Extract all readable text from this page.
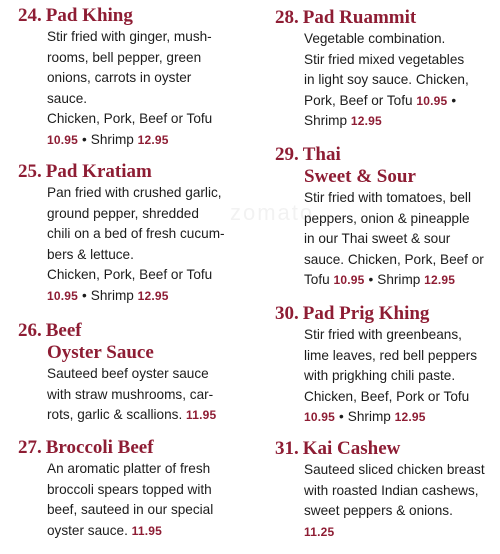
zomato
24. Pad Khing
Stir fried with ginger, mush-
rooms, bell pepper, green
onions, carrots in oyster
sauce.
Chicken, Pork, Beef or Tofu
10.95 • Shrimp 12.95
25. Pad Kratiam
Pan fried with crushed garlic,
ground pepper, shredded
chili on a bed of fresh cucum-
bers & lettuce.
Chicken, Pork, Beef or Tofu
10.95 • Shrimp 12.95
26. Beef
Oyster Sauce
Sauteed beef oyster sauce
with straw mushrooms, car-
rots, garlic & scallions. 11.95
27. Broccoli Beef
An aromatic platter of fresh
broccoli spears topped with
beef, sauteed in our special
oyster sauce. 11.95
28. Pad Ruammit
Vegetable combination.
Stir fried mixed vegetables
in light soy sauce. Chicken,
Pork, Beef or Tofu 10.95 •
Shrimp 12.95
29. Thai
Sweet & Sour
Stir fried with tomatoes, bell
peppers, onion & pineapple
in our Thai sweet & sour
sauce. Chicken, Pork, Beef or
Tofu 10.95 • Shrimp 12.95
30. Pad Prig Khing
Stir fried with greenbeans,
lime leaves, red bell peppers
with prigkhing chili paste.
Chicken, Beef, Pork or Tofu
10.95 • Shrimp 12.95
31. Kai Cashew
Sauteed sliced chicken breast
with roasted Indian cashews,
sweet peppers & onions.
11.25
